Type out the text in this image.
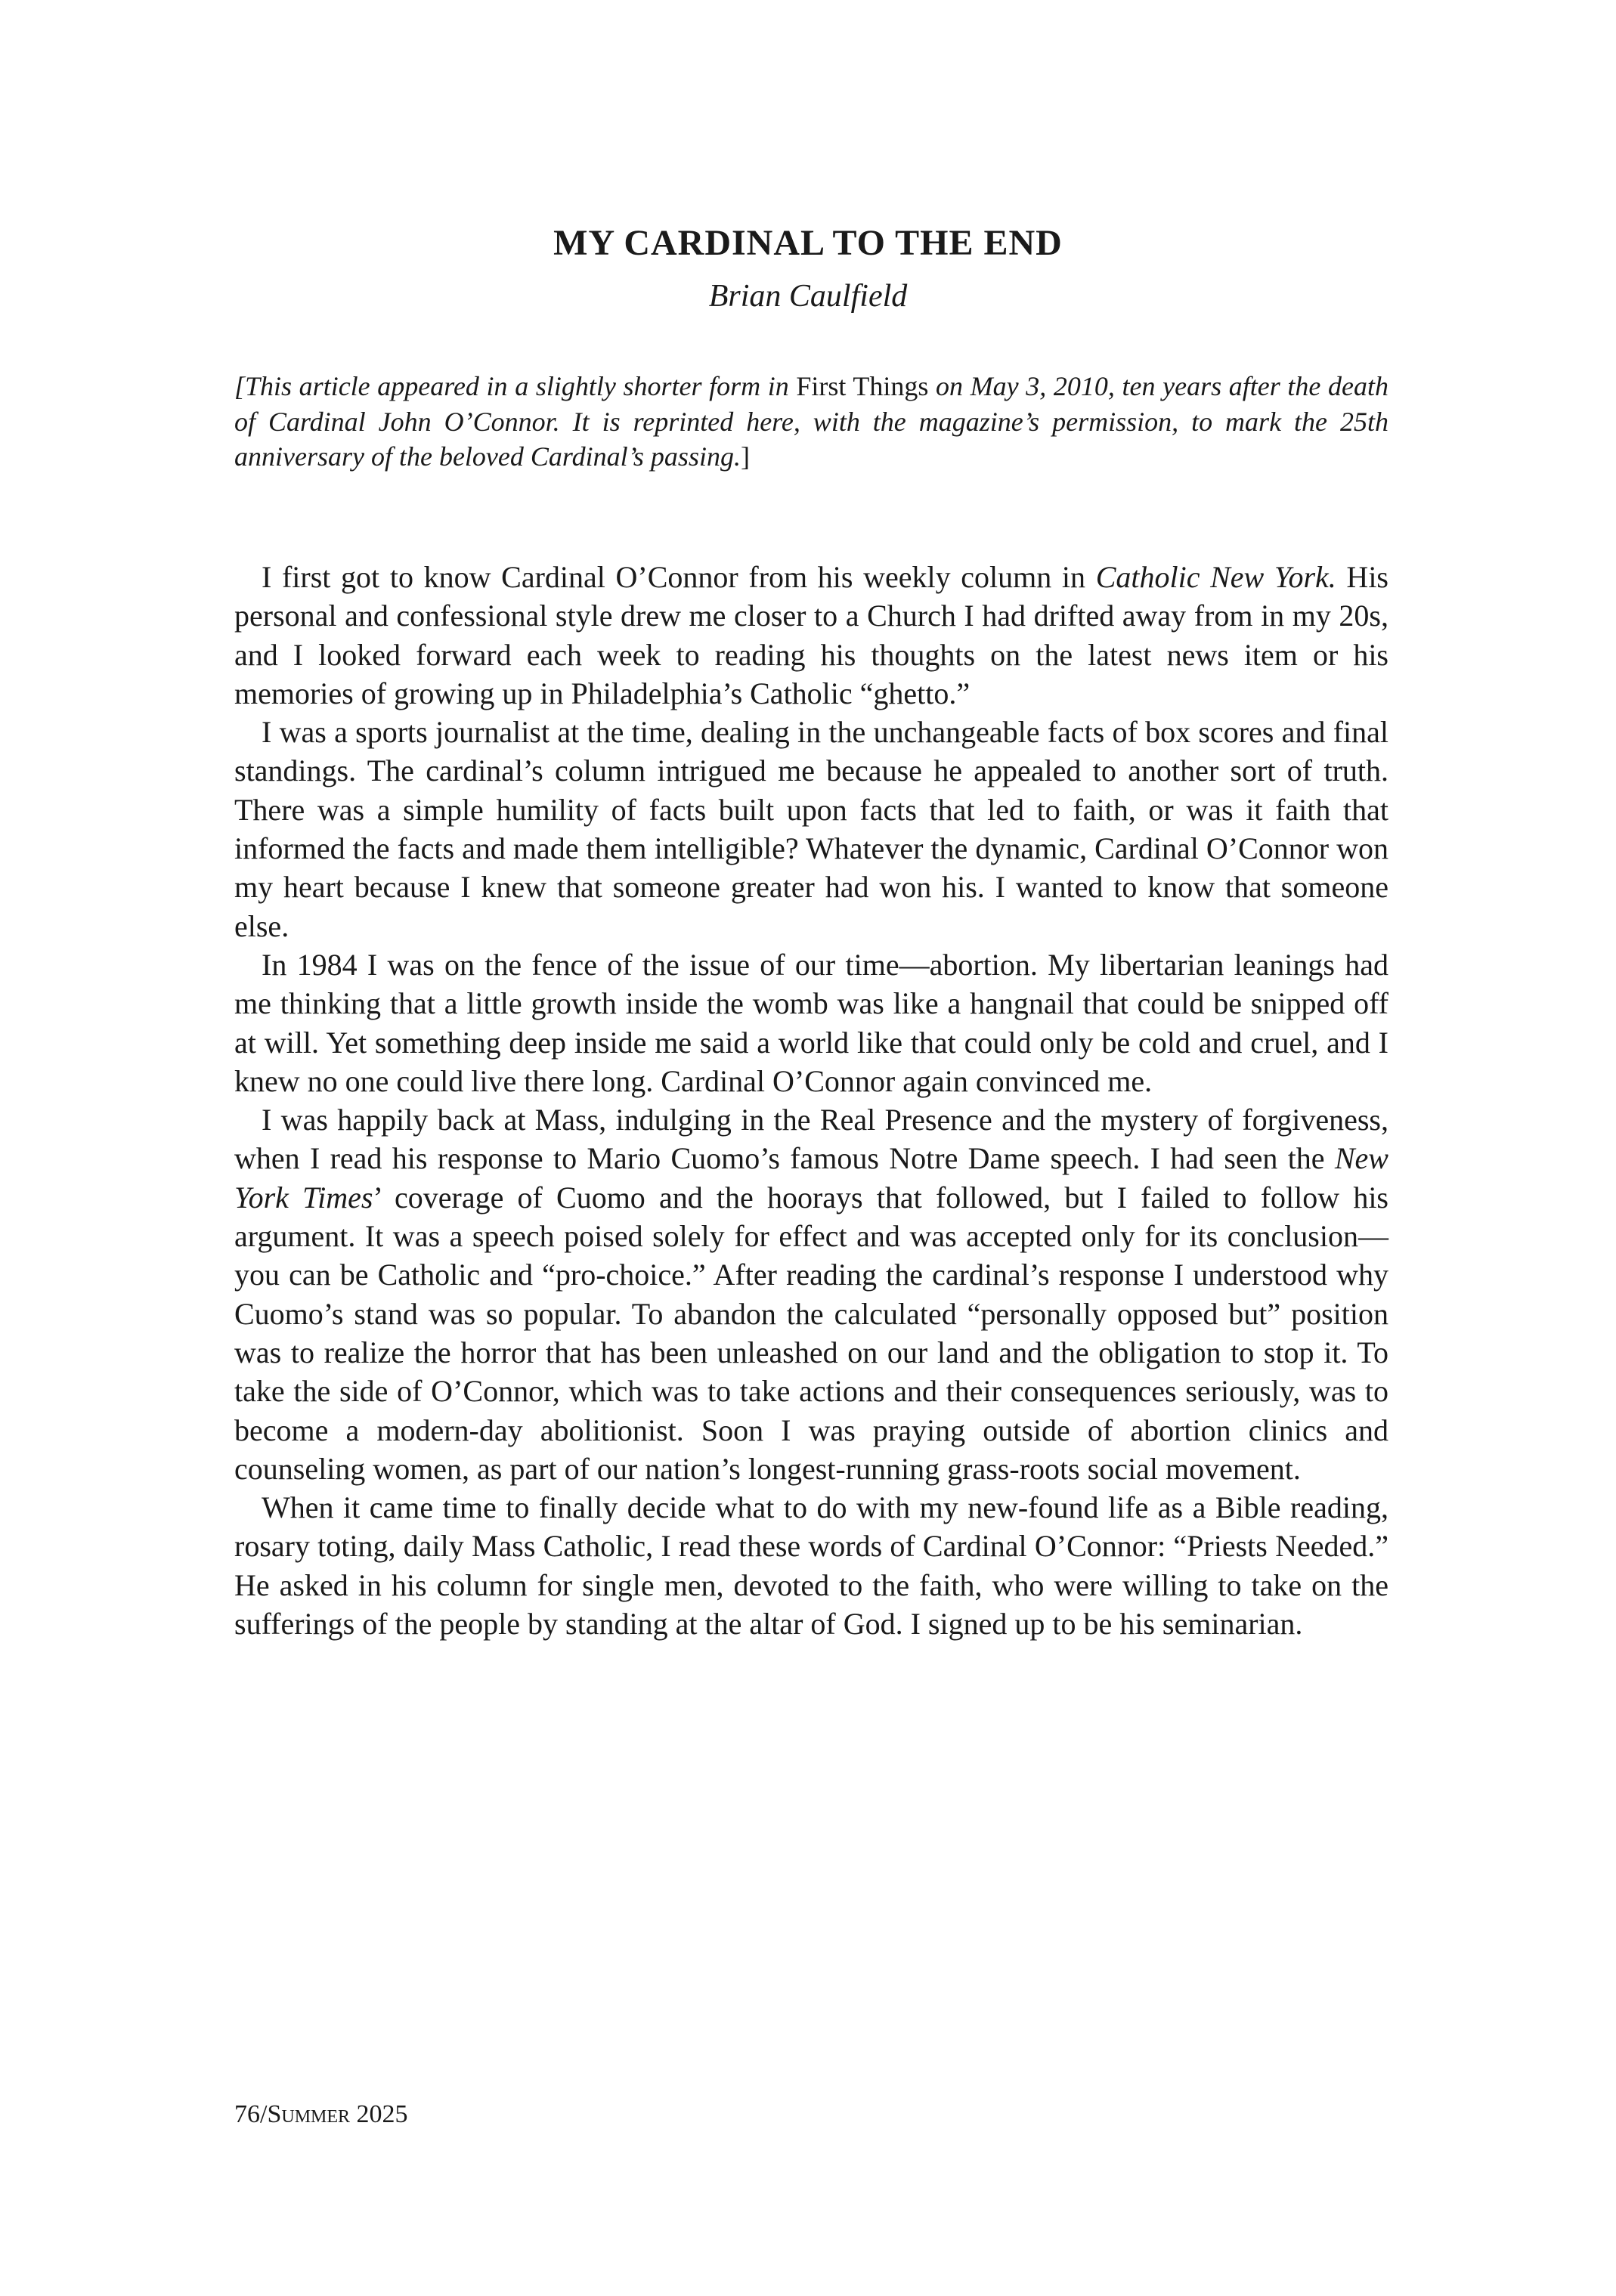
MY CARDINAL TO THE END
Brian Caulfield

[This article appeared in a slightly shorter form in First Things on May 3, 2010, ten years after the death of Cardinal John O’Connor. It is reprinted here, with the magazine’s permission, to mark the 25th anniversary of the beloved Cardinal’s passing.]

I first got to know Cardinal O’Connor from his weekly column in Catholic New York. His personal and confessional style drew me closer to a Church I had drifted away from in my 20s, and I looked forward each week to reading his thoughts on the latest news item or his memories of growing up in Philadelphia’s Catholic “ghetto.”

I was a sports journalist at the time, dealing in the unchangeable facts of box scores and final standings. The cardinal’s column intrigued me because he appealed to another sort of truth. There was a simple humility of facts built upon facts that led to faith, or was it faith that informed the facts and made them intelligible? Whatever the dynamic, Cardinal O’Connor won my heart because I knew that someone greater had won his. I wanted to know that someone else.

In 1984 I was on the fence of the issue of our time—abortion. My libertarian leanings had me thinking that a little growth inside the womb was like a hangnail that could be snipped off at will. Yet something deep inside me said a world like that could only be cold and cruel, and I knew no one could live there long. Cardinal O’Connor again convinced me.

I was happily back at Mass, indulging in the Real Presence and the mystery of forgiveness, when I read his response to Mario Cuomo’s famous Notre Dame speech. I had seen the New York Times’ coverage of Cuomo and the hoorays that followed, but I failed to follow his argument. It was a speech poised solely for effect and was accepted only for its conclusion—you can be Catholic and “pro-choice.” After reading the cardinal’s response I understood why Cuomo’s stand was so popular. To abandon the calculated “personally opposed but” position was to realize the horror that has been unleashed on our land and the obligation to stop it. To take the side of O’Connor, which was to take actions and their consequences seriously, was to become a modern-day abolitionist. Soon I was praying outside of abortion clinics and counseling women, as part of our nation’s longest-running grass-roots social movement.

When it came time to finally decide what to do with my new-found life as a Bible reading, rosary toting, daily Mass Catholic, I read these words of Cardinal O’Connor: “Priests Needed.” He asked in his column for single men, devoted to the faith, who were willing to take on the sufferings of the people by standing at the altar of God. I signed up to be his seminarian.

76/Summer 2025
